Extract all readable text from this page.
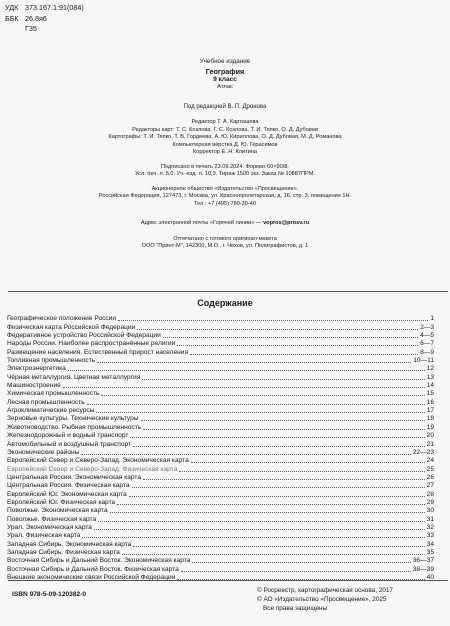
УДК 373.167.1:91(084)
ББК 26.8я6
Г35
Учебное издание
География
9 класс
Атлас
Под редакцией В. П. Дронова
Редактор Т. А. Карташева
Редакторы карт: Т. С. Козлова, Г. С. Козлова, Т. И. Тяпко, О. Д. Дубовая
Картографы: Т. И. Тяпко, Т. В. Гордеева, А. Ю. Кириллова, О. Д. Дубовая, М. Д. Романова
Компьютерная вёрстка Д. Ю. Герасимов
Корректор Е. Н. Клитина
Подписано в печать 23.09.2024. Формат 60×90/8.
Усл. печ. л. 5,0. Уч.-изд. л. 10,3. Тираж 1500 экз. Заказ № 10887ПРМ.
Акционерное общество «Издательство «Просвещение».
Российская Федерация, 127473, г. Москва, ул. Краснопролетарская, д. 16, стр. 3, помещение 1Н.
Тел.: +7 (495) 789-30-40
Адрес электронной почты «Горячей линии» — vopros@prosv.ru
Отпечатано с готового оригинал-макета
ООО "Принт-М", 142300, М.О., г. Чехов, ул. Полиграфистов, д. 1
Содержание
Географическое положение России	1
Физическая карта Российской Федерации	2—3
Федеративное устройство Российской Федерации	4—5
Народы России. Наиболее распространённые религии	6—7
Размещение населения. Естественный прирост населения	8—9
Топливная промышленность	10—11
Электроэнергетика	12
Чёрная металлургия. Цветная металлургия	13
Машиностроение	14
Химическая промышленность	15
Лесная промышленность	16
Агроклиматические ресурсы	17
Зерновые культуры. Технические культуры	18
Животноводство. Рыбная промышленность	19
Железнодорожный и водный транспорт	20
Автомобильный и воздушный транспорт	21
Экономические районы	22—23
Европейский Север и Северо-Запад. Экономическая карта	24
Европейский Север и Северо-Запад. Физическая карта	25
Центральная Россия. Экономическая карта	26
Центральная Россия. Физическая карта	27
Европейский Юг. Экономическая карта	28
Европейский Юг. Физическая карта	29
Поволжье. Экономическая карта	30
Поволжье. Физическая карта	31
Урал. Экономическая карта	32
Урал. Физическая карта	33
Западная Сибирь. Экономическая карта	34
Западная Сибирь. Физическая карта	35
Восточная Сибирь и Дальний Восток. Экономическая карта	36—37
Восточная Сибирь и Дальний Восток. Физическая карта	38—39
Внешние экономические связи Российской Федерации	40
ISBN 978-5-09-120382-0
© Росреестр, картографическая основа, 2017
© АО «Издательство «Просвещение», 2025
Все права защищены
